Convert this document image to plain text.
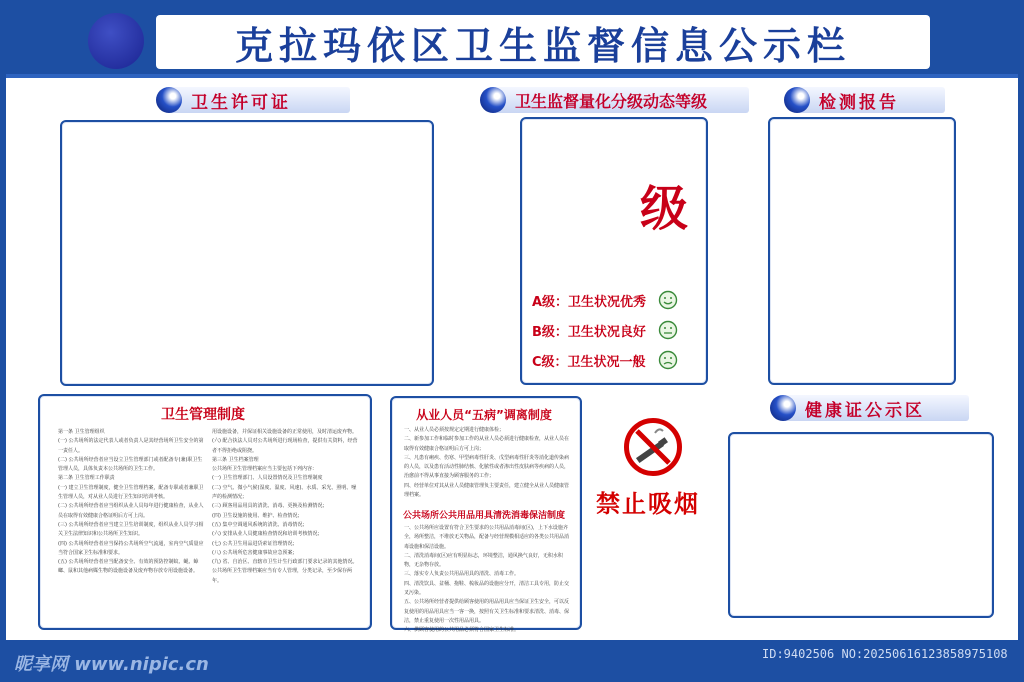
克拉玛依区卫生监督信息公示栏
卫生许可证	卫生监督量化分级动态等级	检测报告
健康证公示区
级
A级：卫生状况优秀
B级：卫生状况良好
C级：卫生状况一般
卫生管理制度

第一条 卫生管理组织

(一) 公共场所的法定代表人或者负责人是其经营场所卫生安全的第一责任人。

(二) 公共场所经营者应当设立卫生管理部门或者配备专(兼)职卫生管理人员，具体负责本公共场所的卫生工作。

第二条 卫生管理工作职责

(一) 建立卫生管理制度，健全卫生管理档案，配备专职或者兼职卫生管理人员，对从业人员进行卫生知识培训考核。

(二) 公共场所经营者应当组织从业人员每年进行健康检查，从业人员在取得有效健康合格证明后方可上岗。

(三) 公共场所经营者应当建立卫生培训制度，组织从业人员学习相关卫生法律知识和公共场所卫生知识。

(四) 公共场所经营者应当保持公共场所空气流通，室内空气质量应当符合国家卫生标准和要求。

(五) 公共场所经营者应当配备安全、有效的预防控制蚊、蝇、蟑螂、鼠和其他病媒生物的设施设备及废弃物存放专用设施设备。

用设施设备，并保证相关设施设备的正常使用，及时清运废弃物。

(六) 配合执法人员对公共场所进行现场检查，提供有关资料，经营者不得拒绝或阻挠。

第三条 卫生档案管理

公共场所卫生管理档案应当主要包括下列内容：

(一) 卫生管理部门、人员设置情况及卫生管理制度

(二) 空气、微小气候(湿度、温度、风速)、水质、采光、照明、噪声的检测情况；

(三) 顾客用品用具的清洗、消毒、更换及检测情况；

(四) 卫生设施的使用、维护、检查情况；

(五) 集中空调通风系统的清洗、消毒情况；

(六) 安排从业人员健康检查情况和培训考核情况；

(七) 公共卫生用品进货索证管理情况；

(八) 公共场所危害健康事故应急预案；

(九) 省、自治区、直辖市卫生计生行政部门要求记录的其他情况。

公共场所卫生管理档案应当有专人管理，分类记录，至少保存两年。

从业人员“五病”调离制度

一、从业人员必须按规定定期进行健康体检；

二、新参加工作和临时参加工作的从业人员必须进行健康检查，从业人员在取得有效健康合格证明后方可上岗；

三、凡患有痢疾、伤寒、甲型病毒性肝炎、戊型病毒性肝炎等消化道传染病的人员，以及患有活动性肺结核、化脓性或者渗出性皮肤病等疾病的人员，治愈前不得从事直接为顾客服务的工作；

四、经营单位对其从业人员健康管理负主要责任，建立健全从业人员健康管理档案。

公共场所公共用品用具清洗消毒保洁制度

一、公共场所应设置有符合卫生要求的公共用品消毒间(区)，上下水设施齐全，场所整洁，不堆放无关物品，配备与经营规模相适应的各类公共用品消毒设施和保洁设施。

二、清洗消毒间(区)应有明显标志，环境整洁，通风换气良好，无积水积物，无杂物存放。

三、落实专人负责公共用品用具的清洗、消毒工作。

四、清洗饮具、盆桶、拖鞋、梳妆品的设施应分开，清洁工具专用，防止交叉污染。

五、公共场所经营者提供给顾客使用的用品用具应当保证卫生安全，可以反复使用的用品用具应当一客一换，按照有关卫生标准和要求清洗、消毒、保洁，禁止重复使用一次性用品用具。

六、供顾客使用的公共用品必须符合国家卫生标准。

禁止吸烟
昵享网 www.nipic.cn	ID:9402506 NO:20250616123858975108
